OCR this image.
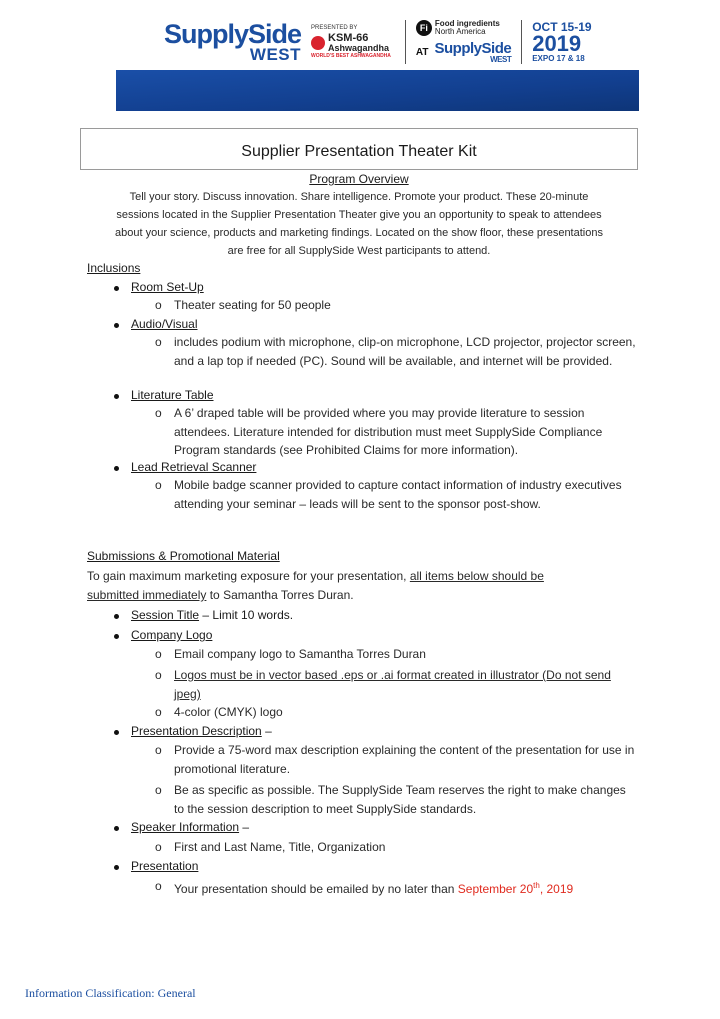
SupplySide
WEST
PRESENTED BY
KSM-66
Ashwagandha
WORLD'S BEST ASHWAGANDHA
Fi Food ingredients
North America
AT SupplySide
WEST
OCT 15-19
2019
EXPO 17 & 18
Supplier Presentation Theater Kit
Program Overview
Tell your story. Discuss innovation. Share intelligence. Promote your product. These 20-minute
sessions located in the Supplier Presentation Theater give you an opportunity to speak to attendees
about your science, products and marketing findings. Located on the show floor, these presentations
are free for all SupplySide West participants to attend.
Inclusions
Room Set-Up
o Theater seating for 50 people
Audio/Visual
o includes podium with microphone, clip-on microphone, LCD projector, projector screen, and a lap top if needed (PC). Sound will be available, and internet will be provided.
Literature Table
o A 6’ draped table will be provided where you may provide literature to session attendees. Literature intended for distribution must meet SupplySide Compliance Program standards (see Prohibited Claims for more information).
Lead Retrieval Scanner
o Mobile badge scanner provided to capture contact information of industry executives attending your seminar – leads will be sent to the sponsor post-show.
Submissions & Promotional Material
To gain maximum marketing exposure for your presentation, all items below should be
submitted immediately to Samantha Torres Duran.
Session Title – Limit 10 words.
Company Logo
o Email company logo to Samantha Torres Duran
o Logos must be in vector based .eps or .ai format created in illustrator (Do not send jpeg)
o 4-color (CMYK) logo
Presentation Description –
o Provide a 75-word max description explaining the content of the presentation for use in promotional literature.
o Be as specific as possible. The SupplySide Team reserves the right to make changes to the session description to meet SupplySide standards.
Speaker Information –
o First and Last Name, Title, Organization
Presentation
o Your presentation should be emailed by no later than September 20th, 2019
Information Classification: General
